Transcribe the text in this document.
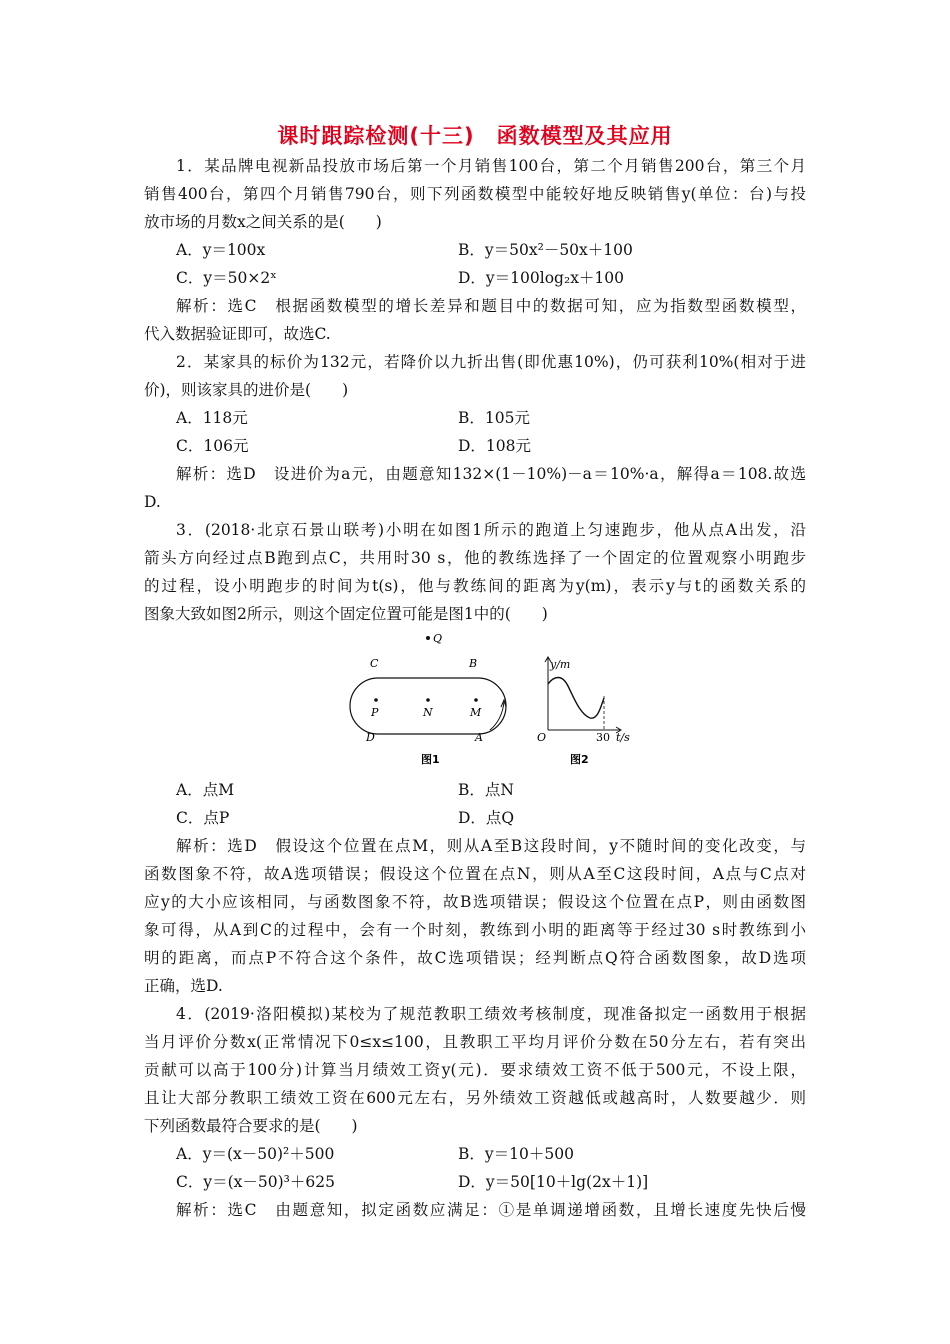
课时跟踪检测(十三)　函数模型及其应用
1．某品牌电视新品投放市场后第一个月销售100台，第二个月销售200台，第三个月
销售400台，第四个月销售790台，则下列函数模型中能较好地反映销售y(单位：台)与投
放市场的月数x之间关系的是(　　)
A．y＝100x	B．y＝50x²－50x＋100
C．y＝50×2ˣ	D．y＝100log₂x＋100
解析：选C　根据函数模型的增长差异和题目中的数据可知，应为指数型函数模型，
代入数据验证即可，故选C.
2．某家具的标价为132元，若降价以九折出售(即优惠10%)，仍可获利10%(相对于进
价)，则该家具的进价是(　　)
A．118元	B．105元
C．106元	D．108元
解析：选D　设进价为a元，由题意知132×(1－10%)－a＝10%·a，解得a＝108.故选
D.
3．(2018·北京石景山联考)小明在如图1所示的跑道上匀速跑步，他从点A出发，沿
箭头方向经过点B跑到点C，共用时30 s，他的教练选择了一个固定的位置观察小明跑步
的过程，设小明跑步的时间为t(s)，他与教练间的距离为y(m)，表示y与t的函数关系的
图象大致如图2所示，则这个固定位置可能是图1中的(　　)
Q
C	B
P	N	M
D	A
图1
y/m
O	30 t/s
图2
A．点M	B．点N
C．点P	D．点Q
解析：选D　假设这个位置在点M，则从A至B这段时间，y不随时间的变化改变，与
函数图象不符，故A选项错误；假设这个位置在点N，则从A至C这段时间，A点与C点对
应y的大小应该相同，与函数图象不符，故B选项错误；假设这个位置在点P，则由函数图
象可得，从A到C的过程中，会有一个时刻，教练到小明的距离等于经过30 s时教练到小
明的距离，而点P不符合这个条件，故C选项错误；经判断点Q符合函数图象，故D选项
正确，选D.
4．(2019·洛阳模拟)某校为了规范教职工绩效考核制度，现准备拟定一函数用于根据
当月评价分数x(正常情况下0≤x≤100，且教职工平均月评价分数在50分左右，若有突出
贡献可以高于100分)计算当月绩效工资y(元)．要求绩效工资不低于500元，不设上限，
且让大部分教职工绩效工资在600元左右，另外绩效工资越低或越高时，人数要越少．则
下列函数最符合要求的是(　　)
A．y＝(x－50)²＋500	B．y＝10＋500
C．y＝(x－50)³＋625	D．y＝50[10＋lg(2x＋1)]
解析：选C　由题意知，拟定函数应满足：①是单调递增函数，且增长速度先快后慢
